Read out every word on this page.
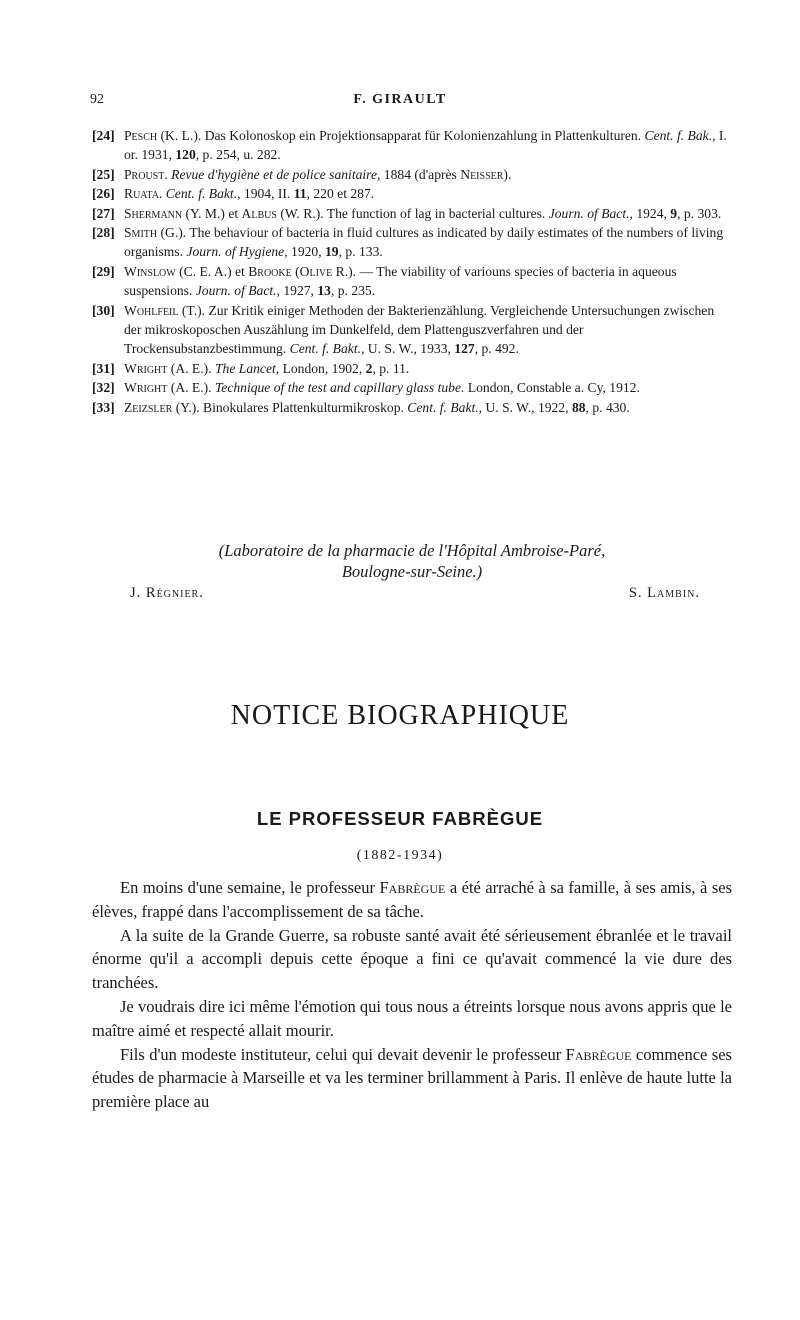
92	F. GIRAULT
[24] Pesch (K. L.). Das Kolonoskop ein Projektionsapparat für Kolonienzahlung in Plattenkulturen. Cent. f. Bak., I. or. 1931, 120, p. 254, u. 282.
[25] Proust. Revue d'hygiène et de police sanitaire, 1884 (d'après Neisser).
[26] Ruata. Cent. f. Bakt., 1904, II. 11, 220 et 287.
[27] Shermann (Y. M.) et Albus (W. R.). The function of lag in bacterial cultures. Journ. of Bact., 1924, 9, p. 303.
[28] Smith (G.). The behaviour of bacteria in fluid cultures as indicated by daily estimates of the numbers of living organisms. Journ. of Hygiene, 1920, 19, p. 133.
[29] Winslow (C. E. A.) et Brooke (Olive R.). — The viability of variouns species of bacteria in aqueous suspensions. Journ. of Bact., 1927, 13, p. 235.
[30] Wohlfeil (T.). Zur Kritik einiger Methoden der Bakterienzählung. Vergleichende Untersuchungen zwischen der mikroskoposchen Auszählung im Dunkelfeld, dem Plattenguszverfahren und der Trockensubstanzbestimmung. Cent. f. Bakt., U. S. W., 1933, 127, p. 492.
[31] Wright (A. E.). The Lancet, London, 1902, 2, p. 11.
[32] Wright (A. E.). Technique of the test and capillary glass tube. London, Constable a. Cy, 1912.
[33] Zeizsler (Y.). Binokulares Plattenkulturmikroskop. Cent. f. Bakt., U. S. W., 1922, 88, p. 430.
(Laboratoire de la pharmacie de l'Hôpital Ambroise-Paré,
Boulogne-sur-Seine.)
J. Régnier.	S. Lambin.
NOTICE BIOGRAPHIQUE
LE PROFESSEUR FABRÈGUE
(1882-1934)

En moins d'une semaine, le professeur Fabrègue a été arraché à sa famille, à ses amis, à ses élèves, frappé dans l'accomplissement de sa tâche.

A la suite de la Grande Guerre, sa robuste santé avait été sérieusement ébranlée et le travail énorme qu'il a accompli depuis cette époque a fini ce qu'avait commencé la vie dure des tranchées.

Je voudrais dire ici même l'émotion qui tous nous a étreints lorsque nous avons appris que le maître aimé et respecté allait mourir.

Fils d'un modeste instituteur, celui qui devait devenir le professeur Fabrègue commence ses études de pharmacie à Marseille et va les terminer brillamment à Paris. Il enlève de haute lutte la première place au
